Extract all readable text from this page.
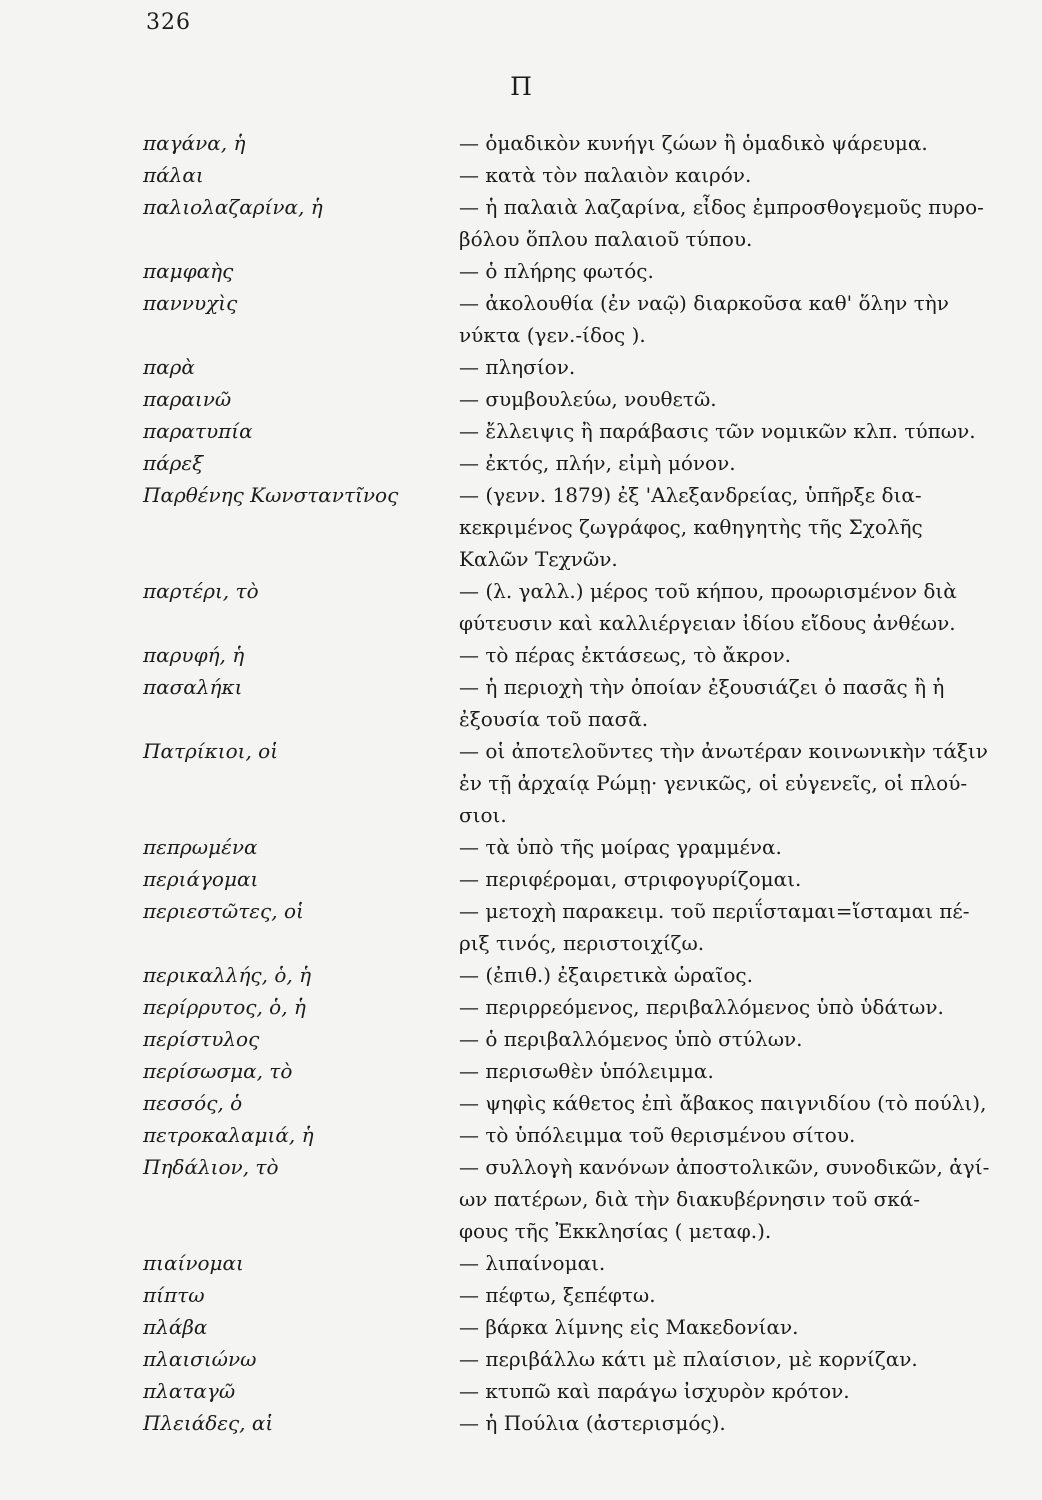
326
Π
παγάνα, ἡ	— ὁμαδικὸν κυνήγι ζώων ἢ ὁμαδικὸ ψάρευμα.
πάλαι	— κατὰ τὸν παλαιὸν καιρόν.
παλιολαζαρίνα, ἡ	— ἡ παλαιὰ λαζαρίνα, εἶδος ἐμπροσθογεμοῦς πυρο-
βόλου ὅπλου παλαιοῦ τύπου.
παμφαὴς	— ὁ πλήρης φωτός.
παννυχὶς	— ἀκολουθία (ἐν ναῷ) διαρκοῦσα καθ' ὅλην τὴν
νύκτα (γεν.-ίδος ).
παρὰ	— πλησίον.
παραινῶ	— συμβουλεύω, νουθετῶ.
παρατυπία	— ἔλλειψις ἢ παράβασις τῶν νομικῶν κλπ. τύπων.
πάρεξ	— ἐκτός, πλήν, εἰμὴ μόνον.
Παρθένης Κωνσταντῖνος	— (γενν. 1879) ἐξ 'Αλεξανδρείας, ὑπῆρξε δια-
κεκριμένος ζωγράφος, καθηγητὴς τῆς Σχολῆς
Καλῶν Τεχνῶν.
παρτέρι, τὸ	— (λ. γαλλ.) μέρος τοῦ κήπου, προωρισμένον διὰ
φύτευσιν καὶ καλλιέργειαν ἰδίου εἴδους ἀνθέων.
παρυφή, ἡ	— τὸ πέρας ἐκτάσεως, τὸ ἄκρον.
πασαλήκι	— ἡ περιοχὴ τὴν ὁποίαν ἐξουσιάζει ὁ πασᾶς ἢ ἡ
ἐξουσία τοῦ πασᾶ.
Πατρίκιοι, οἱ	— οἱ ἀποτελοῦντες τὴν ἀνωτέραν κοινωνικὴν τάξιν
ἐν τῇ ἀρχαίᾳ Ρώμῃ· γενικῶς, οἱ εὐγενεῖς, οἱ πλού-
σιοι.
πεπρωμένα	— τὰ ὑπὸ τῆς μοίρας γραμμένα.
περιάγομαι	— περιφέρομαι, στριφογυρίζομαι.
περιεστῶτες, οἱ	— μετοχὴ παρακειμ. τοῦ περιΐσταμαι=ἵσταμαι πέ-
ριξ τινός, περιστοιχίζω.
περικαλλής, ὁ, ἡ	— (ἐπιθ.) ἐξαιρετικὰ ὡραῖος.
περίρρυτος, ὁ, ἡ	— περιρρεόμενος, περιβαλλόμενος ὑπὸ ὑδάτων.
περίστυλος	— ὁ περιβαλλόμενος ὑπὸ στύλων.
περίσωσμα, τὸ	— περισωθὲν ὑπόλειμμα.
πεσσός, ὁ	— ψηφὶς κάθετος ἐπὶ ἄβακος παιγνιδίου (τὸ πούλι),
πετροκαλαμιά, ἡ	— τὸ ὑπόλειμμα τοῦ θερισμένου σίτου.
Πηδάλιον, τὸ	— συλλογὴ κανόνων ἀποστολικῶν, συνοδικῶν, ἁγί-
ων πατέρων, διὰ τὴν διακυβέρνησιν τοῦ σκά-
φους τῆς Ἐκκλησίας ( μεταφ.).
πιαίνομαι	— λιπαίνομαι.
πίπτω	— πέφτω, ξεπέφτω.
πλάβα	— βάρκα λίμνης εἰς Μακεδονίαν.
πλαισιώνω	— περιβάλλω κάτι μὲ πλαίσιον, μὲ κορνίζαν.
πλαταγῶ	— κτυπῶ καὶ παράγω ἰσχυρὸν κρότον.
Πλειάδες, αἱ	— ἡ Πούλια (ἀστερισμός).
